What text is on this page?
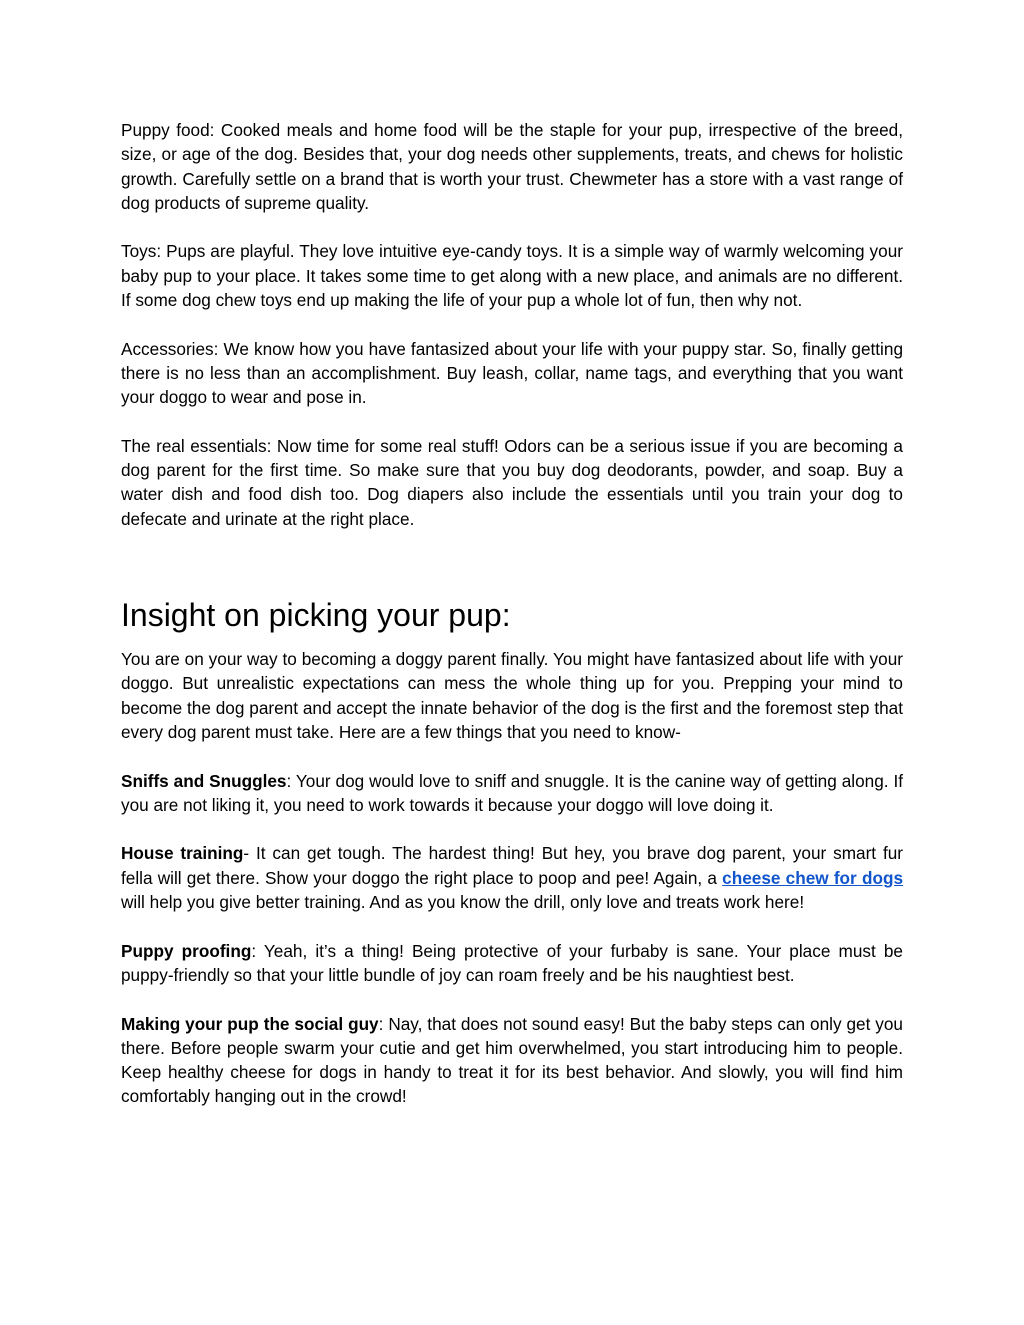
Puppy food: Cooked meals and home food will be the staple for your pup, irrespective of the breed, size, or age of the dog. Besides that, your dog needs other supplements, treats, and chews for holistic growth. Carefully settle on a brand that is worth your trust. Chewmeter has a store with a vast range of dog products of supreme quality.

Toys: Pups are playful. They love intuitive eye-candy toys. It is a simple way of warmly welcoming your baby pup to your place. It takes some time to get along with a new place, and animals are no different. If some dog chew toys end up making the life of your pup a whole lot of fun, then why not.

Accessories: We know how you have fantasized about your life with your puppy star. So, finally getting there is no less than an accomplishment. Buy leash, collar, name tags, and everything that you want your doggo to wear and pose in.

The real essentials: Now time for some real stuff! Odors can be a serious issue if you are becoming a dog parent for the first time. So make sure that you buy dog deodorants, powder, and soap. Buy a water dish and food dish too. Dog diapers also include the essentials until you train your dog to defecate and urinate at the right place.

Insight on picking your pup:

You are on your way to becoming a doggy parent finally. You might have fantasized about life with your doggo. But unrealistic expectations can mess the whole thing up for you. Prepping your mind to become the dog parent and accept the innate behavior of the dog is the first and the foremost step that every dog parent must take. Here are a few things that you need to know-

Sniffs and Snuggles: Your dog would love to sniff and snuggle. It is the canine way of getting along. If you are not liking it, you need to work towards it because your doggo will love doing it.

House training- It can get tough. The hardest thing! But hey, you brave dog parent, your smart fur fella will get there. Show your doggo the right place to poop and pee! Again, a cheese chew for dogs will help you give better training. And as you know the drill, only love and treats work here!

Puppy proofing: Yeah, it’s a thing! Being protective of your furbaby is sane. Your place must be puppy-friendly so that your little bundle of joy can roam freely and be his naughtiest best.

Making your pup the social guy: Nay, that does not sound easy! But the baby steps can only get you there. Before people swarm your cutie and get him overwhelmed, you start introducing him to people. Keep healthy cheese for dogs in handy to treat it for its best behavior. And slowly, you will find him comfortably hanging out in the crowd!
